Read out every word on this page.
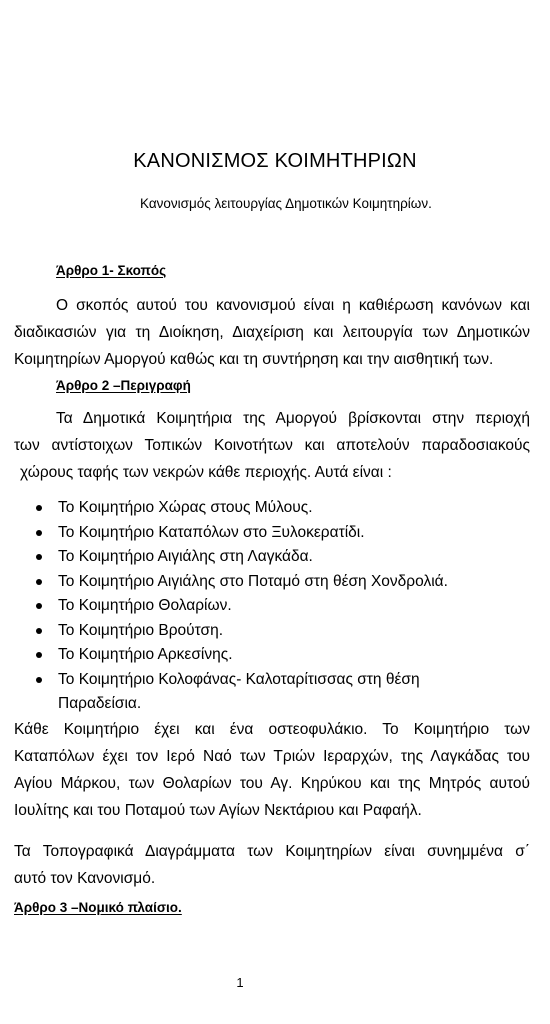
ΚΑΝΟΝΙΣΜΟΣ ΚΟΙΜΗΤΗΡΙΩΝ
Κανονισμός λειτουργίας Δημοτικών Κοιμητηρίων.
Άρθρο 1- Σκοπός
Ο σκοπός αυτού του κανονισμού είναι η καθιέρωση κανόνων και
διαδικασιών για τη Διοίκηση, Διαχείριση και λειτουργία των Δημοτικών
Κοιμητηρίων Αμοργού καθώς και τη συντήρηση και την αισθητική των.
Άρθρο 2 –Περιγραφή
Τα Δημοτικά Κοιμητήρια της Αμοργού βρίσκονται στην περιοχή
των αντίστοιχων Τοπικών Κοινοτήτων και αποτελούν παραδοσιακούς
χώρους ταφής των νεκρών κάθε περιοχής. Αυτά είναι :
Το Κοιμητήριο Χώρας στους Μύλους.
Το Κοιμητήριο Καταπόλων στο Ξυλοκερατίδι.
Το Κοιμητήριο Αιγιάλης στη Λαγκάδα.
Το Κοιμητήριο Αιγιάλης στο Ποταμό στη θέση Χονδρολιά.
Το Κοιμητήριο Θολαρίων.
Το Κοιμητήριο Βρούτση.
Το Κοιμητήριο Αρκεσίνης.
Το Κοιμητήριο Κολοφάνας- Καλοταρίτισσας στη θέση
Παραδείσια.
Κάθε Κοιμητήριο έχει και ένα οστεοφυλάκιο. Το Κοιμητήριο των
Καταπόλων έχει τον Ιερό Ναό των Τριών Ιεραρχών, της Λαγκάδας του
Αγίου Μάρκου, των Θολαρίων του Αγ. Κηρύκου και της Μητρός αυτού
Ιουλίτης και του Ποταμού των Αγίων Νεκτάριου και Ραφαήλ.
Τα Τοπογραφικά Διαγράμματα των Κοιμητηρίων είναι συνημμένα σ΄
αυτό τον Κανονισμό.
Άρθρο 3 –Νομικό πλαίσιο.
1
